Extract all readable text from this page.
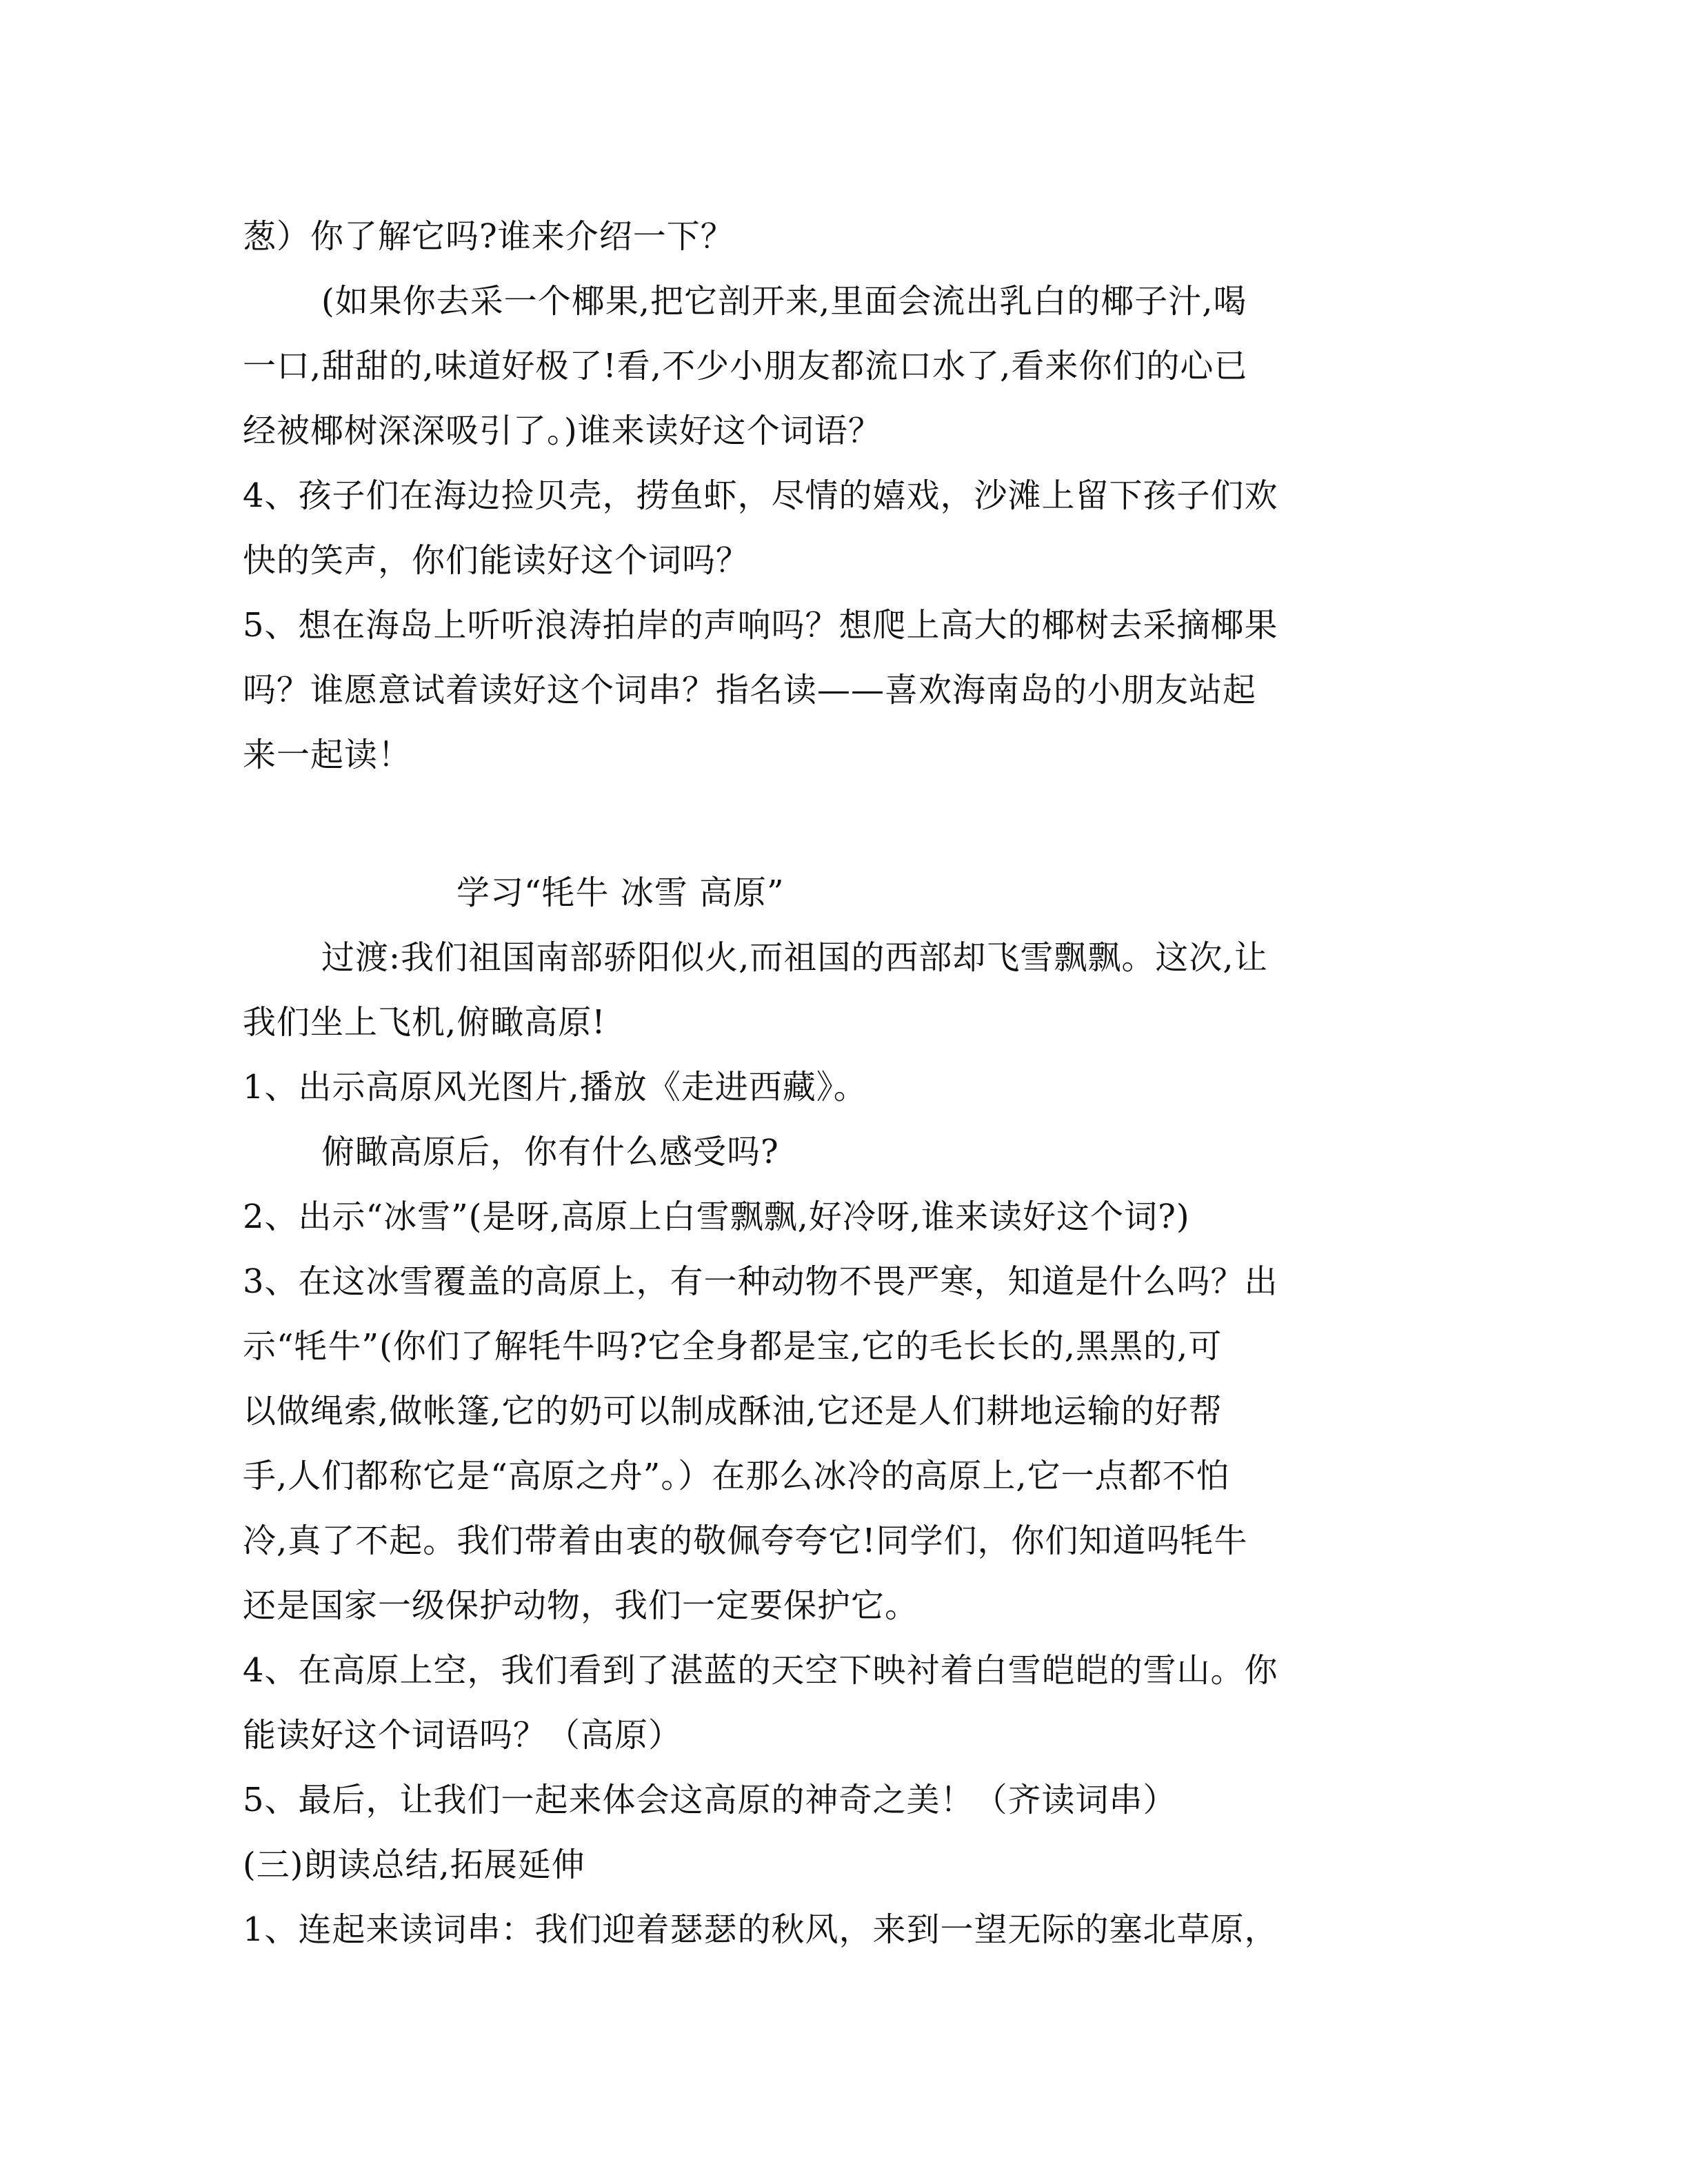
葱）你了解它吗?谁来介绍一下？
(如果你去采一个椰果,把它剖开来,里面会流出乳白的椰子汁,喝
一口,甜甜的,味道好极了!看,不少小朋友都流口水了,看来你们的心已
经被椰树深深吸引了。)谁来读好这个词语？
4、孩子们在海边捡贝壳，捞鱼虾，尽情的嬉戏，沙滩上留下孩子们欢
快的笑声，你们能读好这个词吗？
5、想在海岛上听听浪涛拍岸的声响吗？想爬上高大的椰树去采摘椰果
吗？谁愿意试着读好这个词串？指名读——喜欢海南岛的小朋友站起
来一起读！
学习“牦牛 冰雪 高原”
过渡:我们祖国南部骄阳似火,而祖国的西部却飞雪飘飘。这次,让
我们坐上飞机,俯瞰高原!
1、出示高原风光图片,播放《走进西藏》。
俯瞰高原后，你有什么感受吗?
2、出示“冰雪”(是呀,高原上白雪飘飘,好冷呀,谁来读好这个词?)
3、在这冰雪覆盖的高原上，有一种动物不畏严寒，知道是什么吗？出
示“牦牛”(你们了解牦牛吗?它全身都是宝,它的毛长长的,黑黑的,可
以做绳索,做帐篷,它的奶可以制成酥油,它还是人们耕地运输的好帮
手,人们都称它是“高原之舟”。）在那么冰冷的高原上,它一点都不怕
冷,真了不起。我们带着由衷的敬佩夸夸它!同学们，你们知道吗牦牛
还是国家一级保护动物，我们一定要保护它。
4、在高原上空，我们看到了湛蓝的天空下映衬着白雪皑皑的雪山。你
能读好这个词语吗？（高原）
5、最后，让我们一起来体会这高原的神奇之美！（齐读词串）
(三)朗读总结,拓展延伸
1、连起来读词串：我们迎着瑟瑟的秋风，来到一望无际的塞北草原，
